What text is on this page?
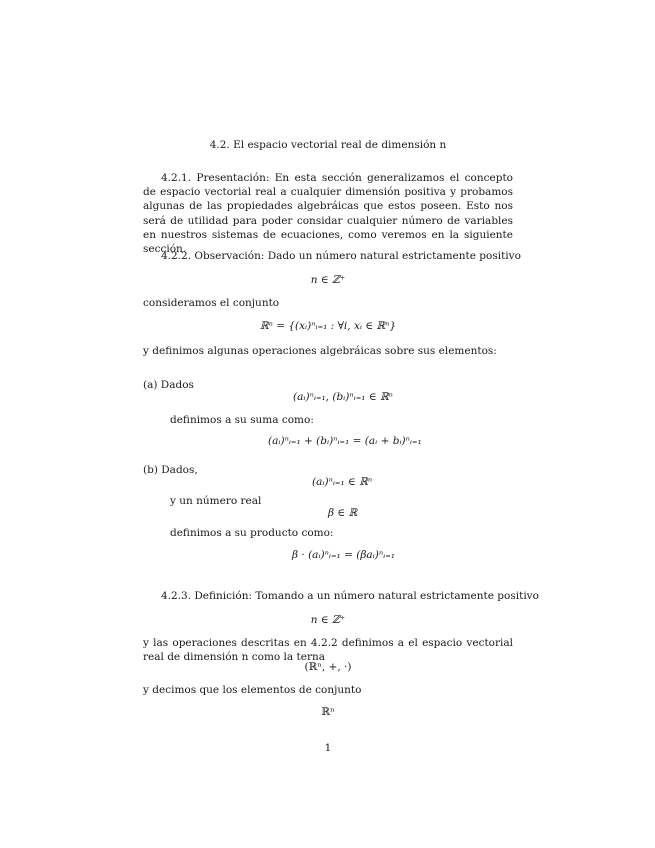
4.2. El espacio vectorial real de dimensión n
4.2.1. Presentación: En esta sección generalizamos el concepto de espacio vectorial real a cualquier dimensión positiva y probamos algunas de las propiedades algebráicas que estos poseen. Esto nos será de utilidad para poder considar cualquier número de variables en nuestros sistemas de ecuaciones, como veremos en la siguiente sección.
4.2.2. Observación: Dado un número natural estrictamente positivo
n ∈ ℤ⁺
consideramos el conjunto
ℝⁿ = {(xᵢ)ⁿᵢ₌₁ : ∀i, xᵢ ∈ ℝⁿ}
y definimos algunas operaciones algebráicas sobre sus elementos:
(a) Dados
(aᵢ)ⁿᵢ₌₁, (bᵢ)ⁿᵢ₌₁ ∈ ℝⁿ
definimos a su suma como:
(aᵢ)ⁿᵢ₌₁ + (bᵢ)ⁿᵢ₌₁ = (aᵢ + bᵢ)ⁿᵢ₌₁
(b) Dados,
(aᵢ)ⁿᵢ₌₁ ∈ ℝⁿ
y un número real
β ∈ ℝ
definimos a su producto como:
β · (aᵢ)ⁿᵢ₌₁ = (βaᵢ)ⁿᵢ₌₁
4.2.3. Definición: Tomando a un número natural estrictamente positivo
n ∈ ℤ⁺
y las operaciones descritas en 4.2.2 definimos a el espacio vectorial real de dimensión n como la terna
(ℝⁿ, +, ·)
y decimos que los elementos de conjunto
ℝⁿ
1
